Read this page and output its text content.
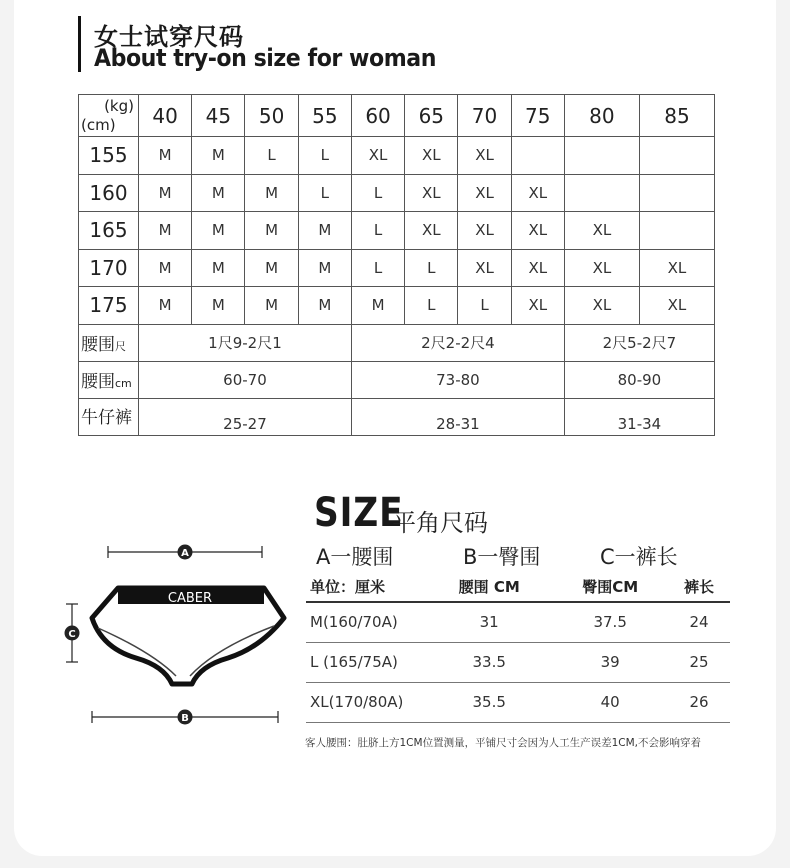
女士试穿尺码
About try-on size for woman
(kg)
(cm)	40	45	50	55	60	65	70	75	80	85
155	M	M	L	L	XL	XL	XL			
160	M	M	M	L	L	XL	XL	XL		
165	M	M	M	M	L	XL	XL	XL	XL	
170	M	M	M	M	L	L	XL	XL	XL	XL
175	M	M	M	M	M	L	L	XL	XL	XL
腰围尺	1尺9-2尺1				2尺2-2尺4				2尺5-2尺7	
腰围cm	60-70				73-80				80-90	
牛仔裤	25-27				28-31				31-34	
SIZE
平角尺码
A一腰围	B一臀围	C一裤长
A
CABER
C
B
单位：厘米	腰围 CM	臀围CM	裤长
M(160/70A)	31	37.5	24
L (165/75A)	33.5	39	25
XL(170/80A)	35.5	40	26
客人腰围：肚脐上方1CM位置测量，平铺尺寸会因为人工生产误差1CM,不会影响穿着
